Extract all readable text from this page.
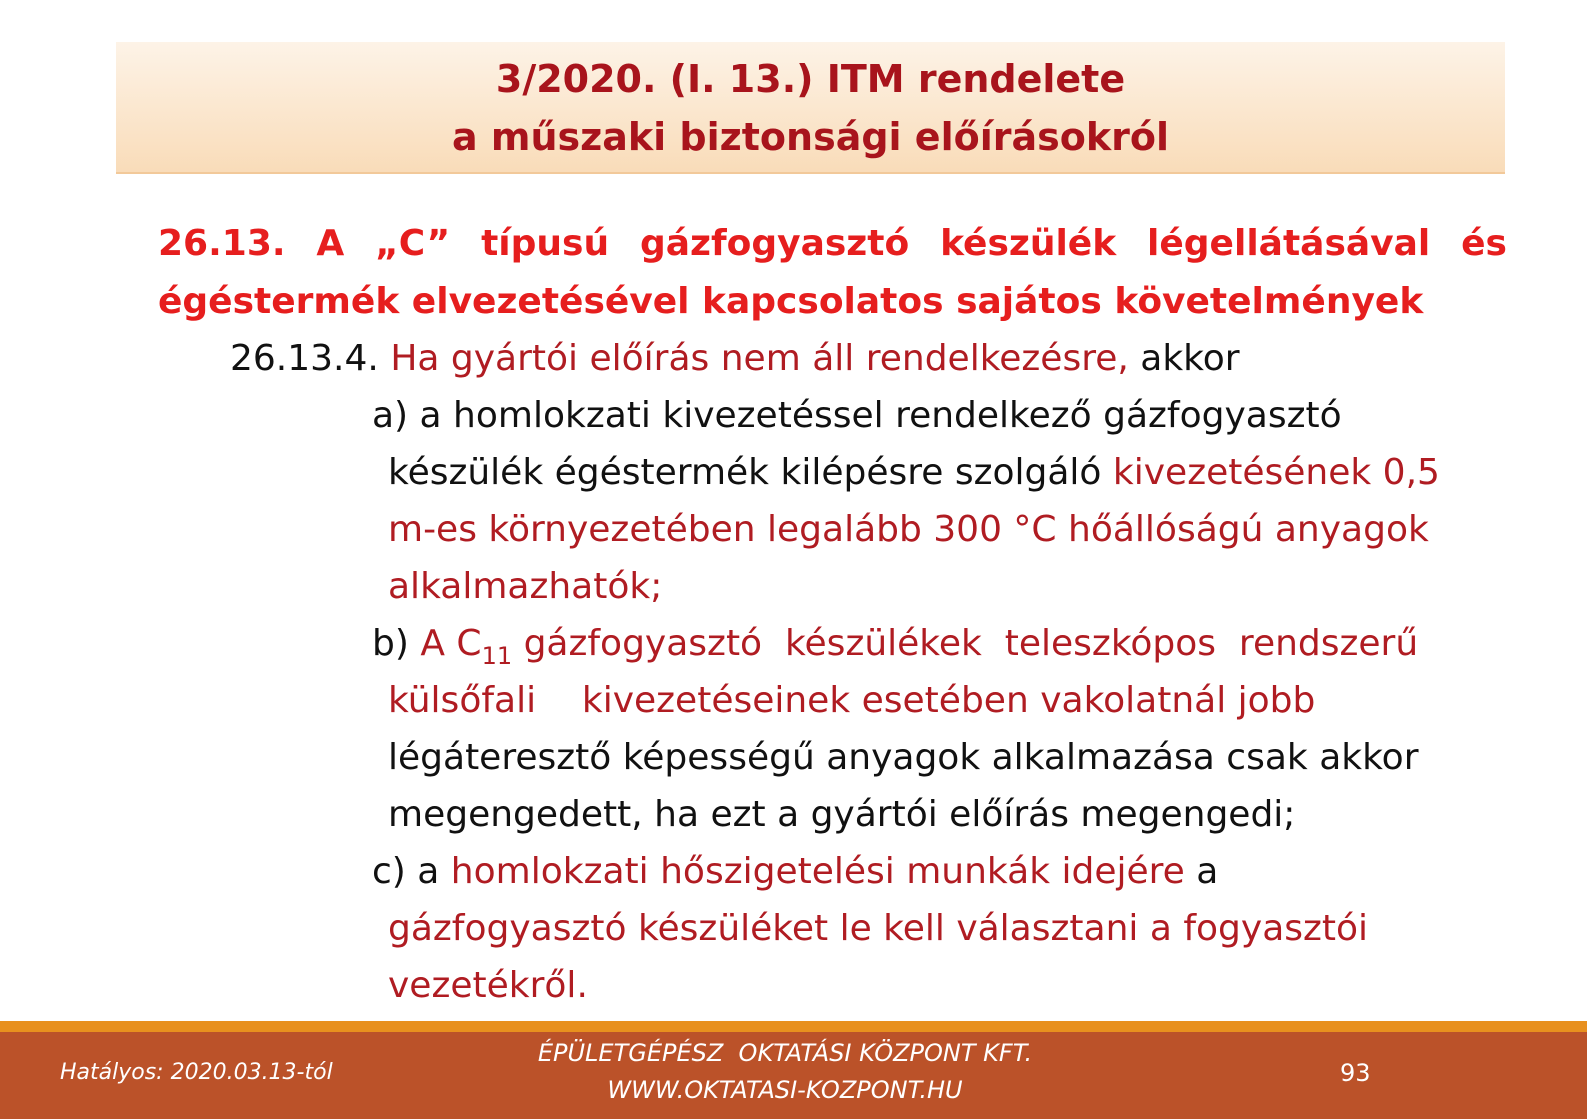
3/2020. (I. 13.) ITM rendelete
a műszaki biztonsági előírásokról
26.13. A „C” típusú gázfogyasztó készülék légellátásával és
égéstermék elvezetésével kapcsolatos sajátos követelmények
26.13.4. Ha gyártói előírás nem áll rendelkezésre, akkor
a) a homlokzati kivezetéssel rendelkező gázfogyasztó
készülék égéstermék kilépésre szolgáló kivezetésének 0,5
m-es környezetében legalább 300 °C hőállóságú anyagok
alkalmazhatók;
b) A $C_{11}$ gázfogyasztó  készülékek  teleszkópos  rendszerű
külsőfali    kivezetéseinek esetében vakolatnál jobb
légáteresztő képességű anyagok alkalmazása csak akkor
megengedett, ha ezt a gyártói előírás megengedi;
c) a homlokzati hőszigetelési munkák idejére a
gázfogyasztó készüléket le kell választani a fogyasztói
vezetékről.
Hatályos: 2020.03.13-tól
ÉPÜLETGÉPÉSZ  OKTATÁSI KÖZPONT KFT.
WWW.OKTATASI-KOZPONT.HU
93
